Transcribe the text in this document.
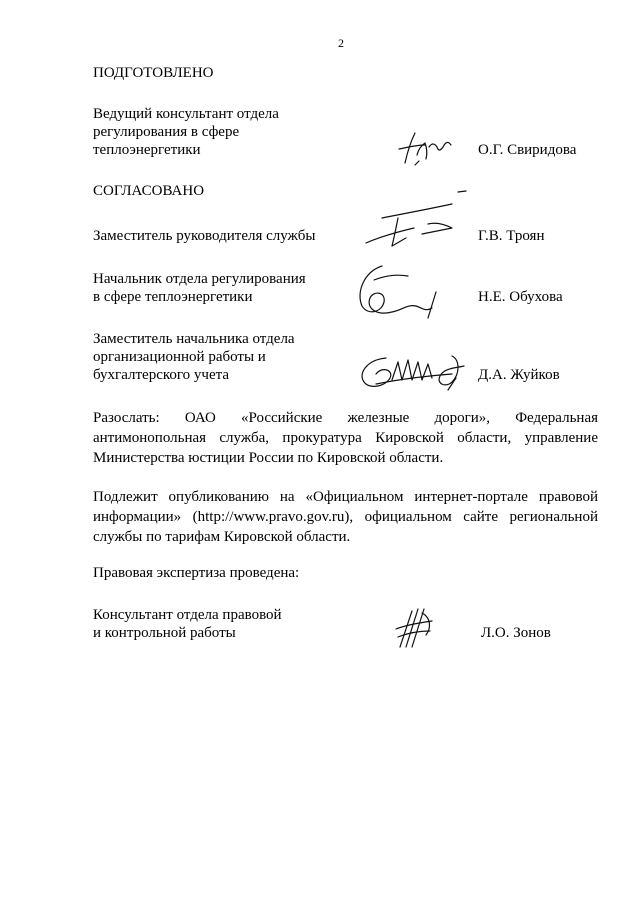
2
ПОДГОТОВЛЕНО
Ведущий консультант отдела
регулирования в сфере
теплоэнергетики	О.Г. Свиридова
СОГЛАСОВАНО
Заместитель руководителя службы	Г.В. Троян
Начальник отдела регулирования
в сфере теплоэнергетики	Н.Е. Обухова
Заместитель начальника отдела
организационной работы и
бухгалтерского учета	Д.А. Жуйков
Разослать: ОАО «Российские железные дороги», Федеральная антимонопольная служба, прокуратура Кировской области, управление Министерства юстиции России по Кировской области.
Подлежит опубликованию на «Официальном интернет-портале правовой информации» (http://www.pravo.gov.ru), официальном сайте региональной службы по тарифам Кировской области.
Правовая экспертиза проведена:
Консультант отдела правовой
и контрольной работы	Л.О. Зонов
